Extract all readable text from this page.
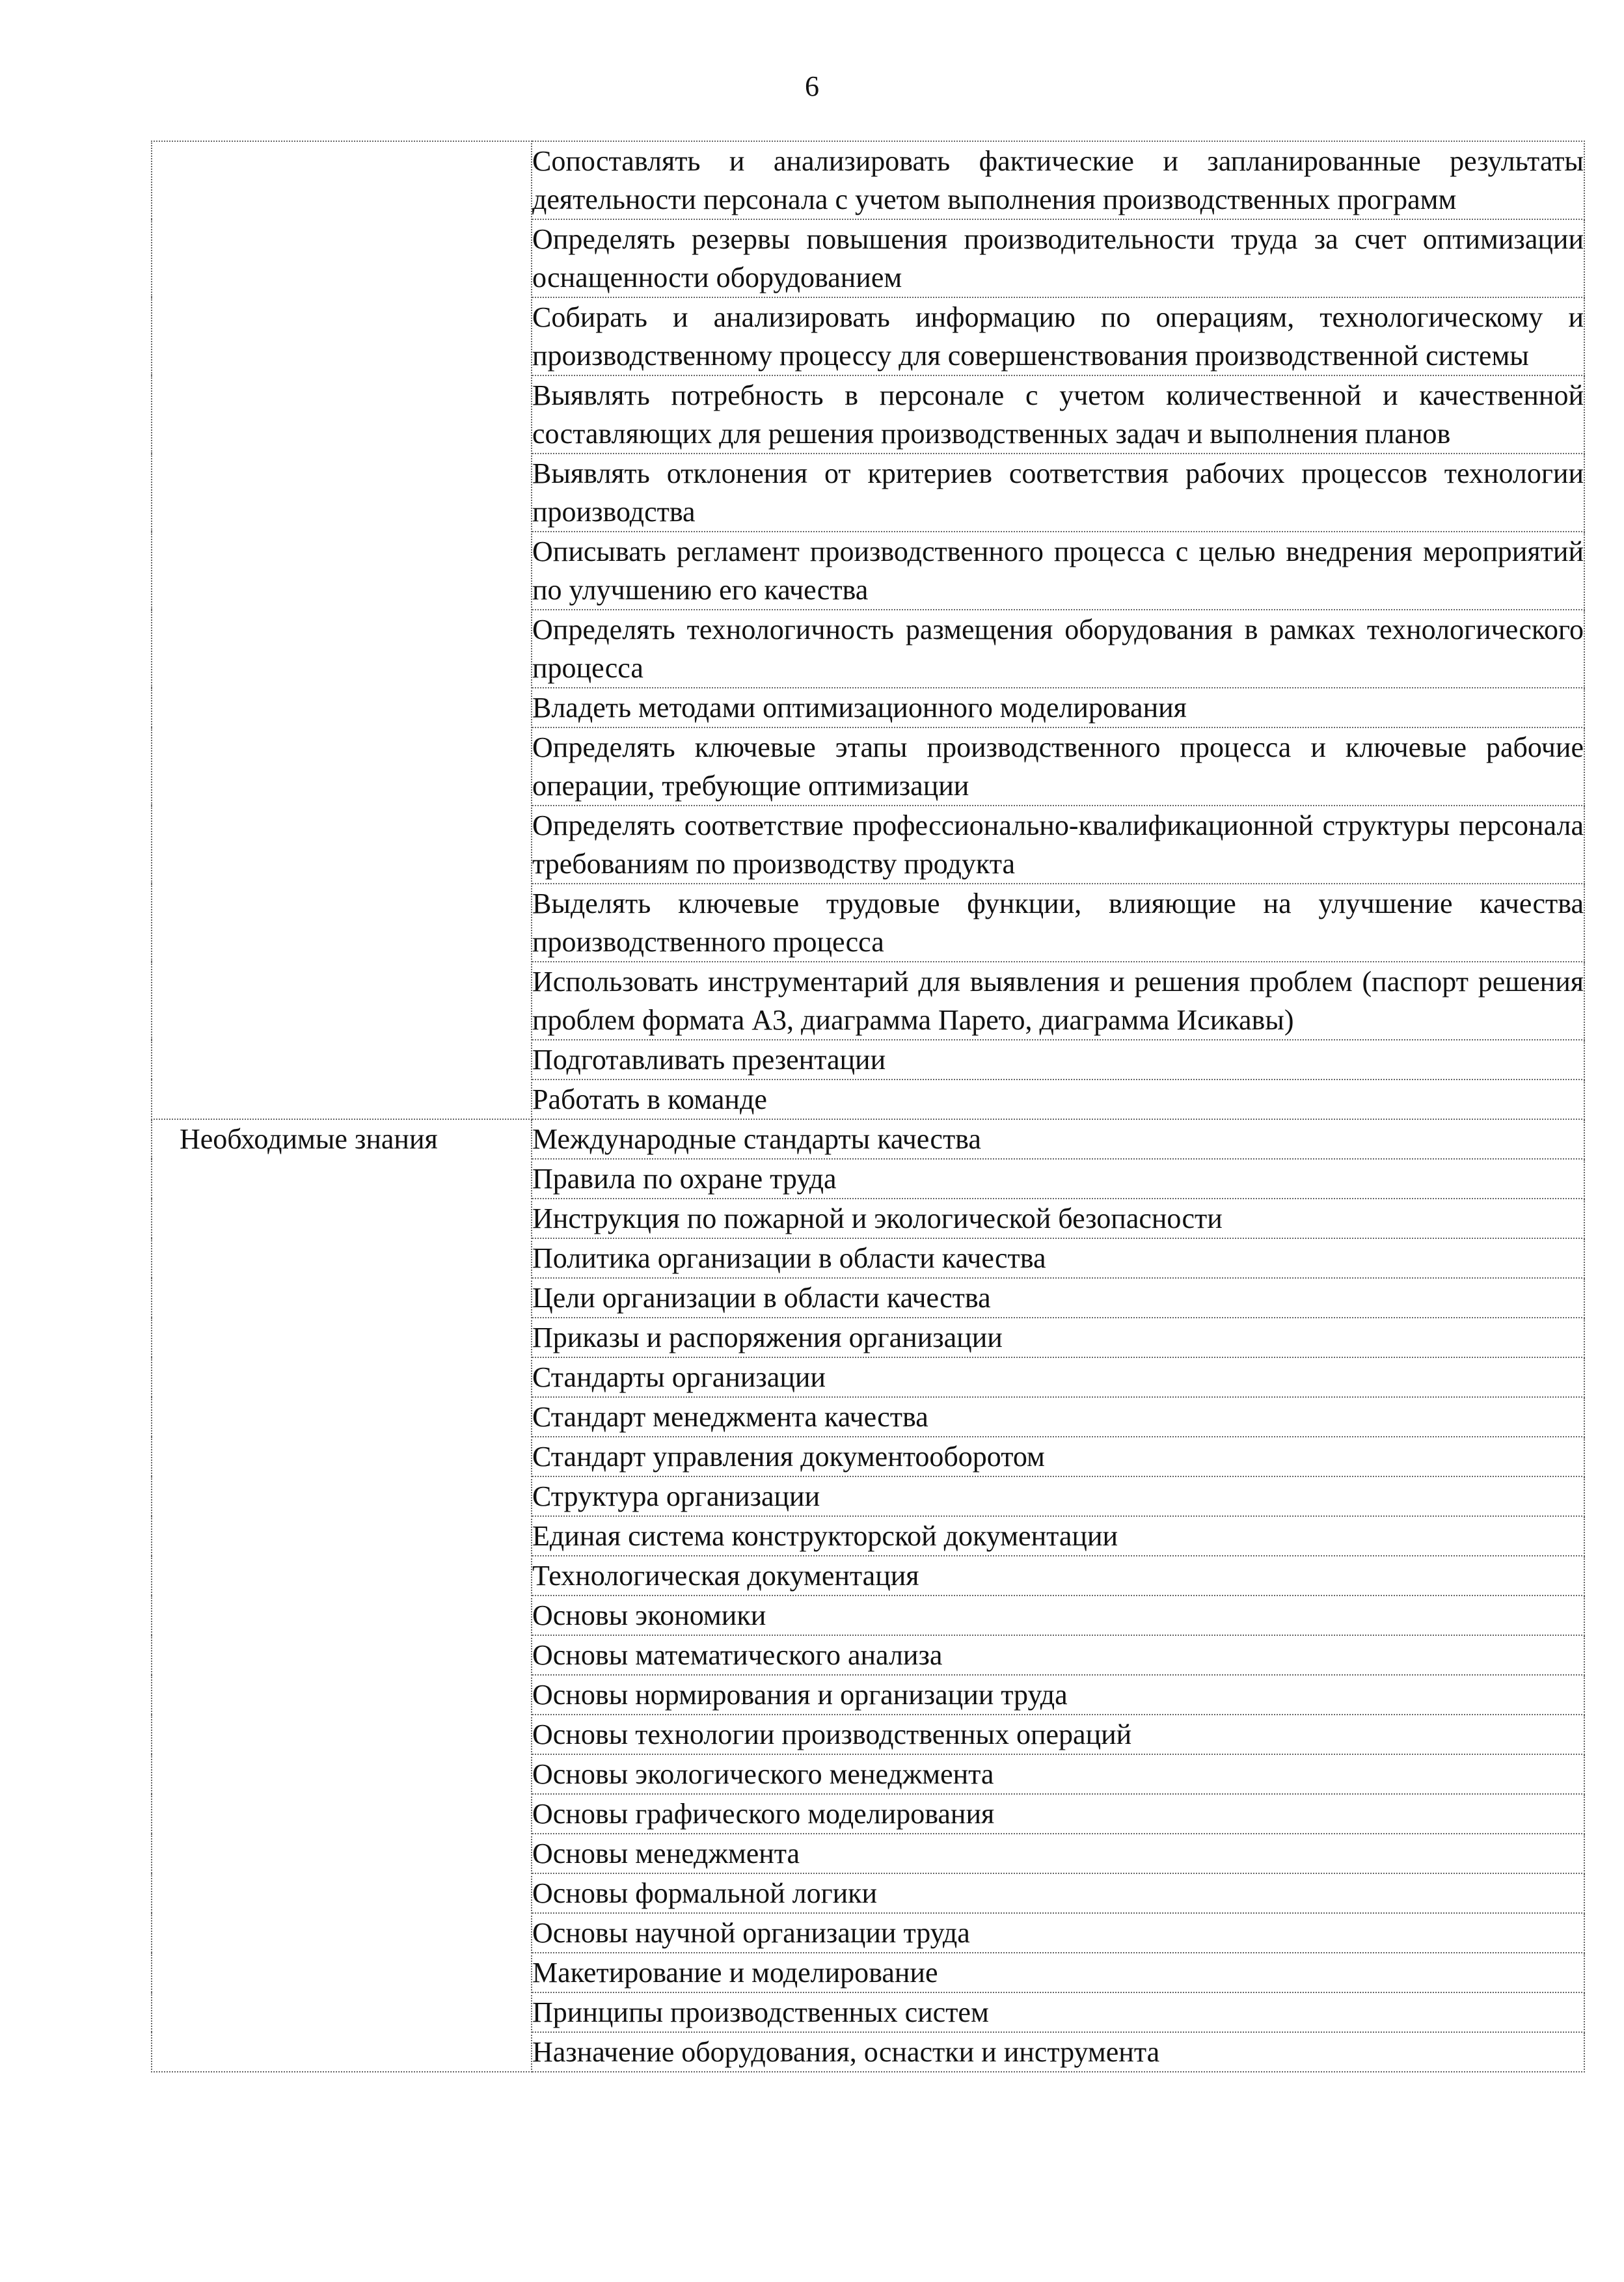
6

	Сопоставлять и анализировать фактические и запланированные результаты деятельности персонала с учетом выполнения производственных программ

	Определять резервы повышения производительности труда за счет оптимизации оснащенности оборудованием

	Собирать и анализировать информацию по операциям, технологическому и производственному процессу для совершенствования производственной системы

	Выявлять потребность в персонале с учетом количественной и качественной составляющих для решения производственных задач и выполнения планов

	Выявлять отклонения от критериев соответствия рабочих процессов технологии производства

	Описывать регламент производственного процесса с целью внедрения мероприятий по улучшению его качества

	Определять технологичность размещения оборудования в рамках технологического процесса

	Владеть методами оптимизационного моделирования

	Определять ключевые этапы производственного процесса и ключевые рабочие операции, требующие оптимизации

	Определять соответствие профессионально-квалификационной структуры персонала требованиям по производству продукта

	Выделять ключевые трудовые функции, влияющие на улучшение качества производственного процесса

	Использовать инструментарий для выявления и решения проблем (паспорт решения проблем формата А3, диаграмма Парето, диаграмма Исикавы)

	Подготавливать презентации

	Работать в команде

Необходимые знания	Международные стандарты качества

	Правила по охране труда

	Инструкция по пожарной и экологической безопасности

	Политика организации в области качества

	Цели организации в области качества

	Приказы и распоряжения организации

	Стандарты организации

	Стандарт менеджмента качества

	Стандарт управления документооборотом

	Структура организации

	Единая система конструкторской документации

	Технологическая документация

	Основы экономики

	Основы математического анализа

	Основы нормирования и организации труда

	Основы технологии производственных операций

	Основы экологического менеджмента

	Основы графического моделирования

	Основы менеджмента

	Основы формальной логики

	Основы научной организации труда

	Макетирование и моделирование

	Принципы производственных систем

	Назначение оборудования, оснастки и инструмента
